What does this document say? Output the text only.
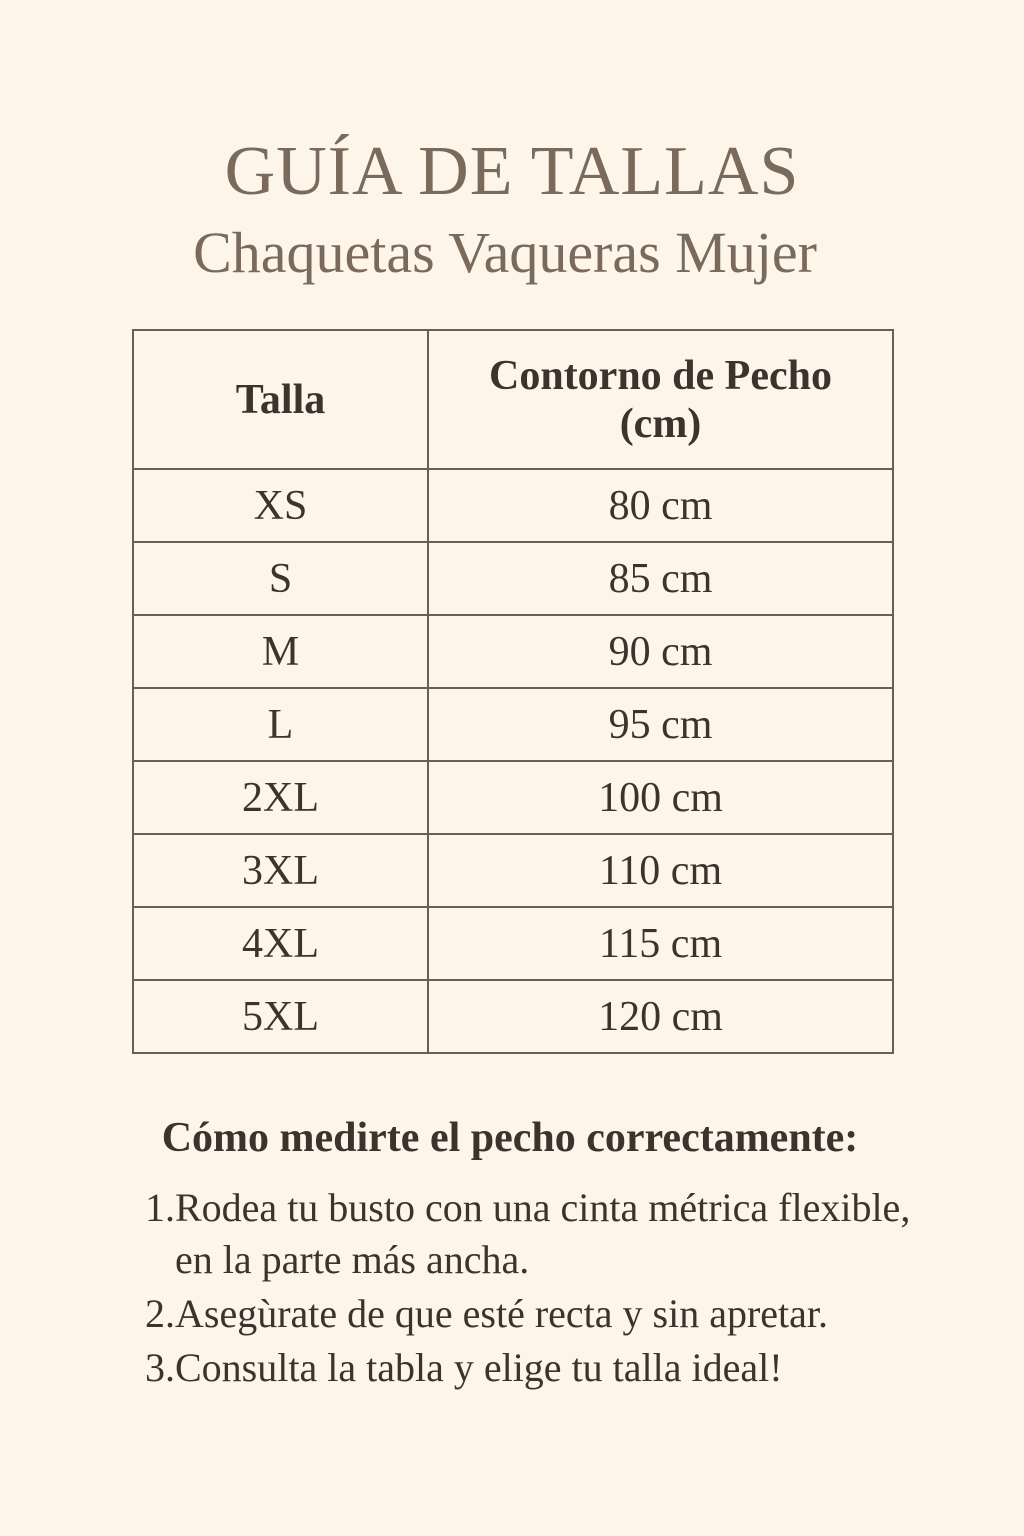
GUÍA DE TALLAS
Chaquetas Vaqueras Mujer
Talla	Contorno de Pecho
(cm)

XS	80 cm
S	85 cm
M	90 cm
L	95 cm
2XL	100 cm
3XL	110 cm
4XL	115 cm
5XL	120 cm
Cómo medirte el pecho correctamente:
1. Rodea tu busto con una cinta métrica flexible, en la parte más ancha.
2. Asegùrate de que esté recta y sin apretar.
3. Consulta la tabla y elige tu talla ideal!
